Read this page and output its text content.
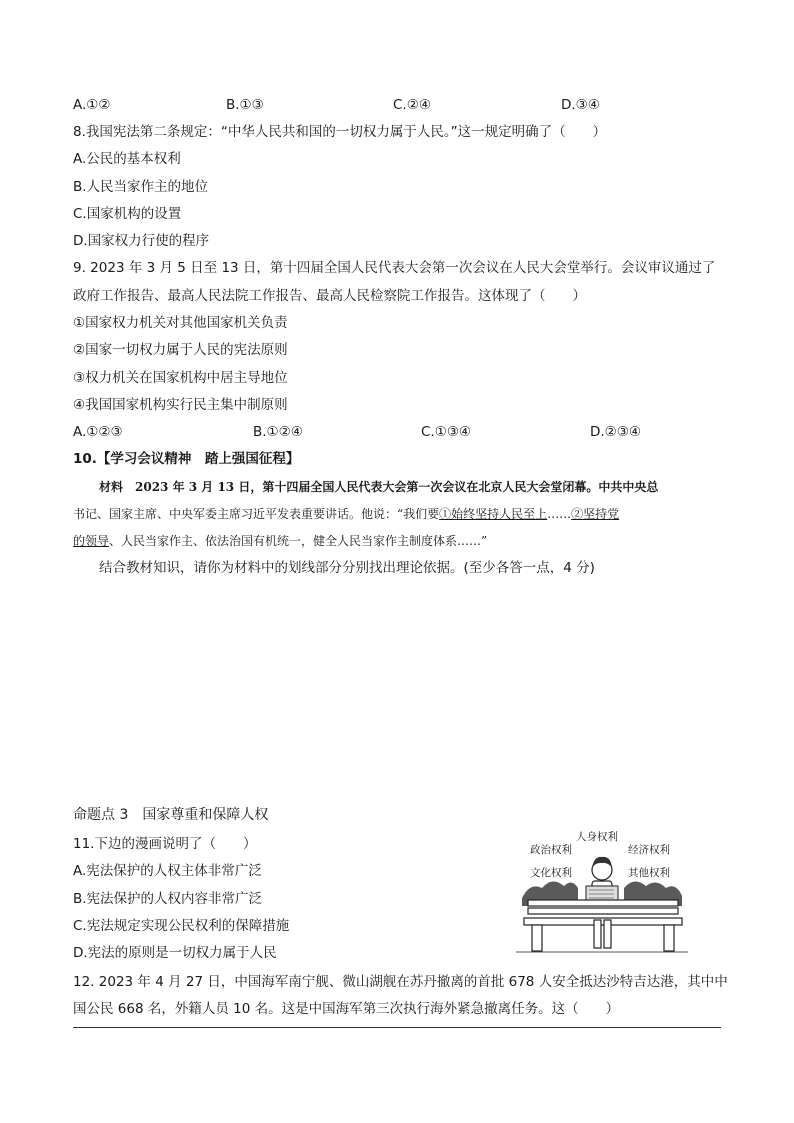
A.①②	B.①③	C.②④	D.③④
8.我国宪法第二条规定：“中华人民共和国的一切权力属于人民。”这一规定明确了（　　）
A.公民的基本权利
B.人民当家作主的地位
C.国家机构的设置
D.国家权力行使的程序
9. 2023 年 3 月 5 日至 13 日，第十四届全国人民代表大会第一次会议在人民大会堂举行。会议审议通过了
政府工作报告、最高人民法院工作报告、最高人民检察院工作报告。这体现了（　　）
①国家权力机关对其他国家机关负责
②国家一切权力属于人民的宪法原则
③权力机关在国家机构中居主导地位
④我国国家机构实行民主集中制原则
A.①②③	B.①②④	C.①③④	D.②③④
10.【学习会议精神　踏上强国征程】
材料　2023 年 3 月 13 日，第十四届全国人民代表大会第一次会议在北京人民大会堂闭幕。中共中央总
书记、国家主席、中央军委主席习近平发表重要讲话。他说：“我们要①始终坚持人民至上……②坚持党
的领导、人民当家作主、依法治国有机统一，健全人民当家作主制度体系……”
结合教材知识，请你为材料中的划线部分分别找出理论依据。(至少各答一点，4 分)
命题点 3　国家尊重和保障人权
11.下边的漫画说明了（　　）
A.宪法保护的人权主体非常广泛
B.宪法保护的人权内容非常广泛
C.宪法规定实现公民权利的保障措施
D.宪法的原则是一切权力属于人民
人身权利
政治权利	经济权利
文化权利	其他权利
12. 2023 年 4 月 27 日，中国海军南宁舰、微山湖舰在苏丹撤离的首批 678 人安全抵达沙特吉达港，其中中
国公民 668 名，外籍人员 10 名。这是中国海军第三次执行海外紧急撤离任务。这（　　）
